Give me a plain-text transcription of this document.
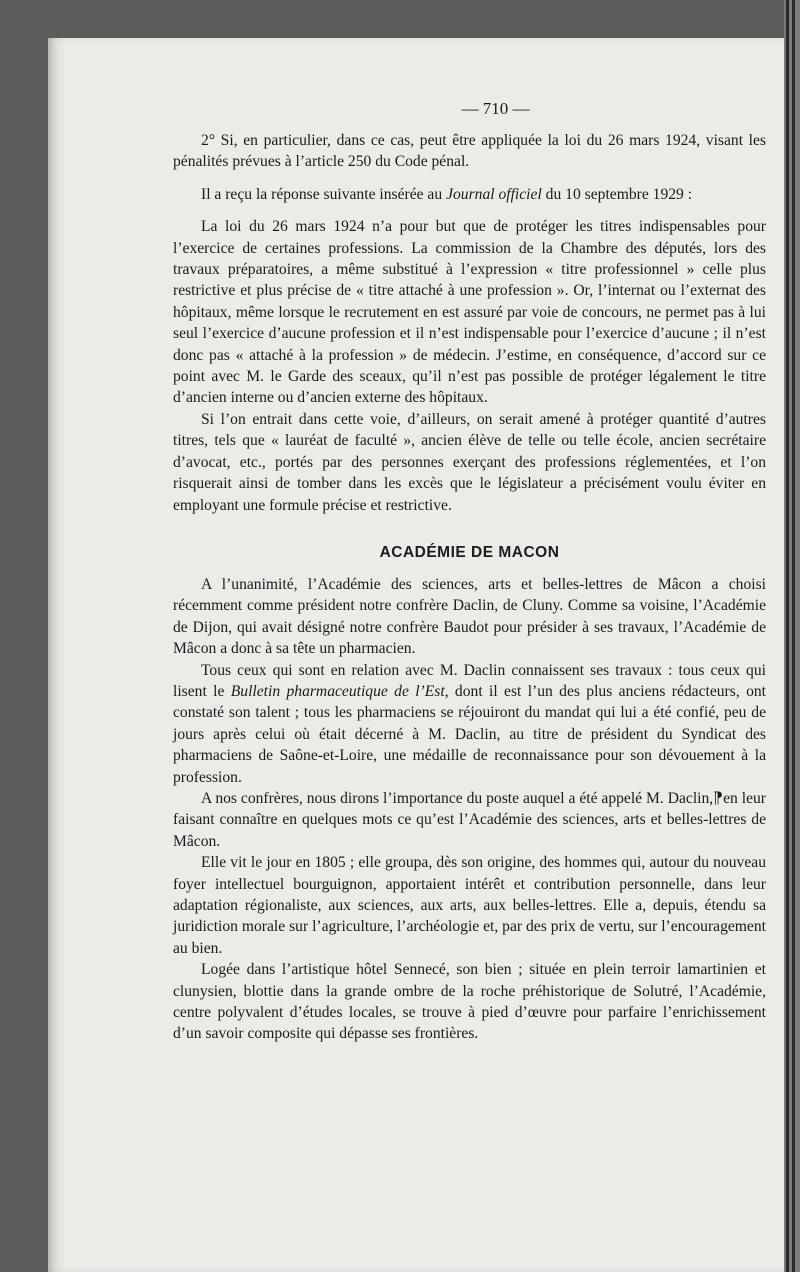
— 710 —

2° Si, en particulier, dans ce cas, peut être appliquée la loi du 26 mars 1924, visant les pénalités prévues à l’article 250 du Code pénal.

Il a reçu la réponse suivante insérée au Journal officiel du 10 septembre 1929 :

La loi du 26 mars 1924 n’a pour but que de protéger les titres indispensables pour l’exercice de certaines professions. La commission de la Chambre des députés, lors des travaux préparatoires, a même substitué à l’expression « titre professionnel » celle plus restrictive et plus précise de « titre attaché à une profession ». Or, l’internat ou l’externat des hôpitaux, même lorsque le recrutement en est assuré par voie de concours, ne permet pas à lui seul l’exercice d’aucune profession et il n’est indispensable pour l’exercice d’aucune ; il n’est donc pas « attaché à la profession » de médecin. J’estime, en conséquence, d’accord sur ce point avec M. le Garde des sceaux, qu’il n’est pas possible de protéger légalement le titre d’ancien interne ou d’ancien externe des hôpitaux.

Si l’on entrait dans cette voie, d’ailleurs, on serait amené à protéger quantité d’autres titres, tels que « lauréat de faculté », ancien élève de telle ou telle école, ancien secrétaire d’avocat, etc., portés par des personnes exerçant des professions réglementées, et l’on risquerait ainsi de tomber dans les excès que le législateur a précisément voulu éviter en employant une formule précise et restrictive.

ACADÉMIE DE MACON

A l’unanimité, l’Académie des sciences, arts et belles-lettres de Mâcon a choisi récemment comme président notre confrère Daclin, de Cluny. Comme sa voisine, l’Académie de Dijon, qui avait désigné notre confrère Baudot pour présider à ses travaux, l’Académie de Mâcon a donc à sa tête un pharmacien.

Tous ceux qui sont en relation avec M. Daclin connaissent ses travaux : tous ceux qui lisent le Bulletin pharmaceutique de l’Est, dont il est l’un des plus anciens rédacteurs, ont constaté son talent ; tous les pharmaciens se réjouiront du mandat qui lui a été confié, peu de jours après celui où était décerné à M. Daclin, au titre de président du Syndicat des pharmaciens de Saône-et-Loire, une médaille de reconnaissance pour son dévouement à la profession.

A nos confrères, nous dirons l’importance du poste auquel a été appelé M. Daclin,⁋en leur faisant connaître en quelques mots ce qu’est l’Académie des sciences, arts et belles-lettres de Mâcon.

Elle vit le jour en 1805 ; elle groupa, dès son origine, des hommes qui, autour du nouveau foyer intellectuel bourguignon, apportaient intérêt et contribution personnelle, dans leur adaptation régionaliste, aux sciences, aux arts, aux belles-lettres. Elle a, depuis, étendu sa juridiction morale sur l’agriculture, l’archéologie et, par des prix de vertu, sur l’encouragement au bien.

Logée dans l’artistique hôtel Sennecé, son bien ; située en plein terroir lamartinien et clunysien, blottie dans la grande ombre de la roche préhistorique de Solutré, l’Académie, centre polyvalent d’études locales, se trouve à pied d’œuvre pour parfaire l’enrichissement d’un savoir composite qui dépasse ses frontières.
